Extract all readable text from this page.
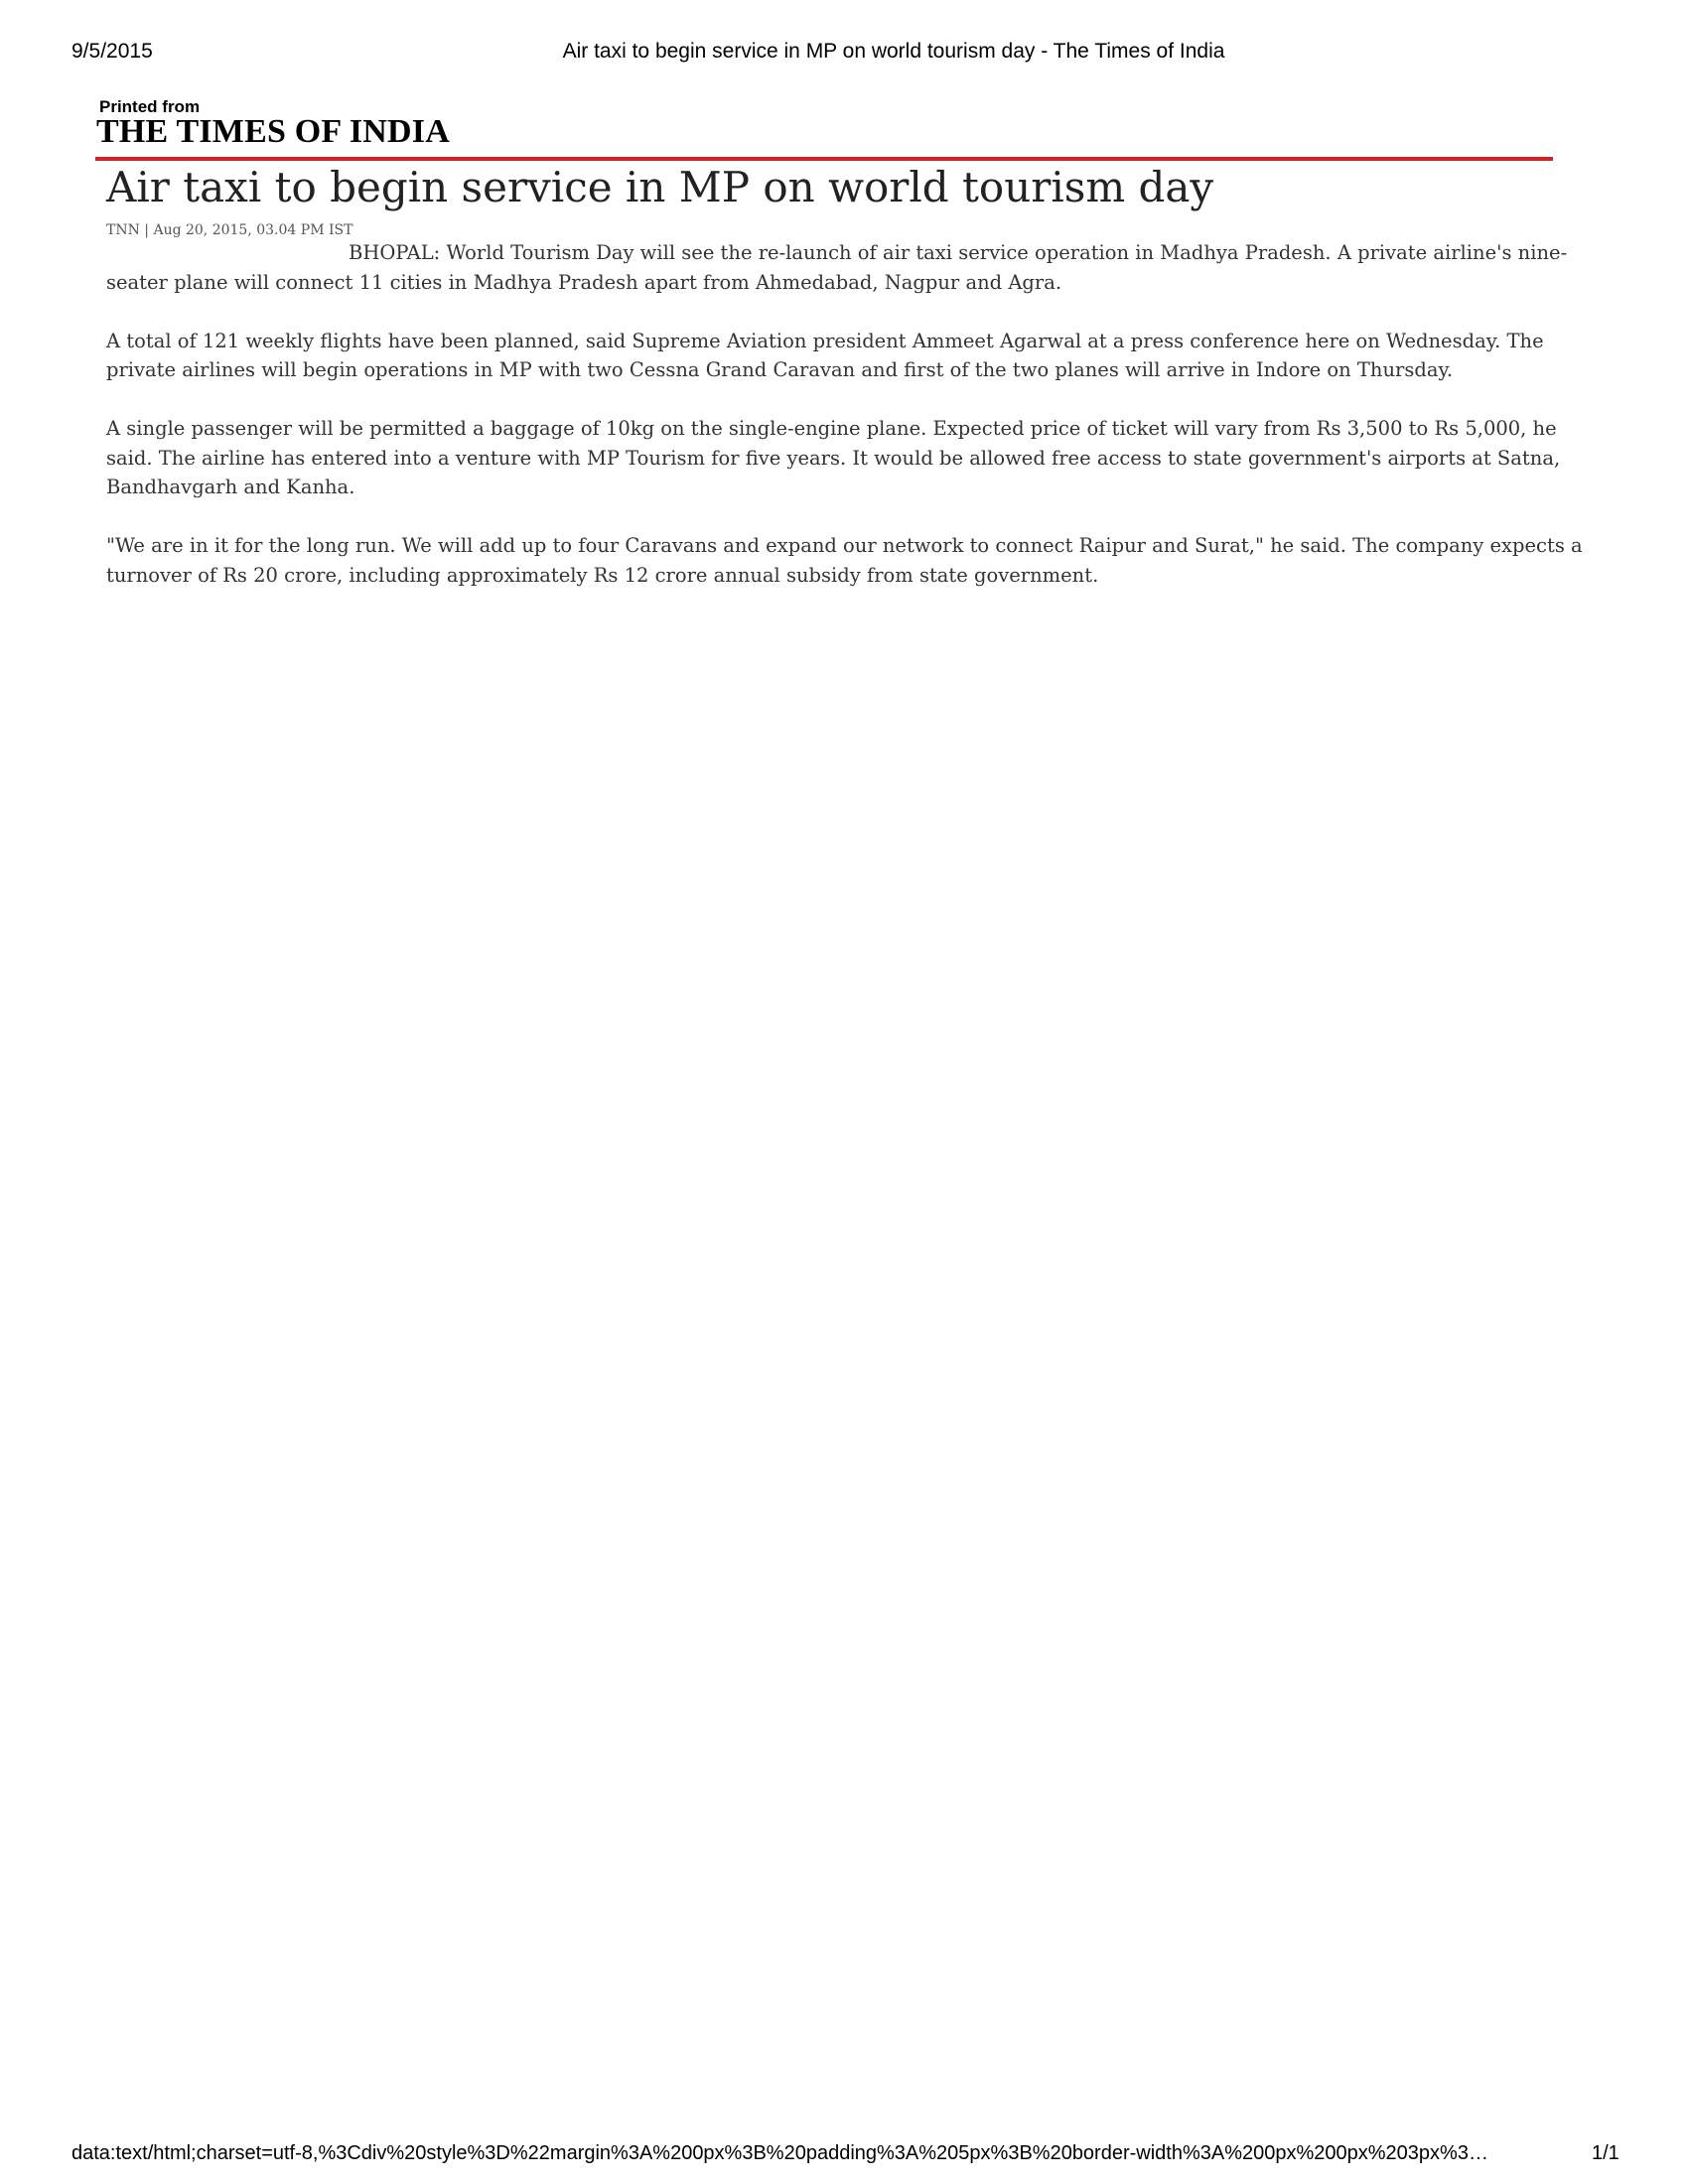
9/5/2015	Air taxi to begin service in MP on world tourism day - The Times of India
Printed from
THE TIMES OF INDIA
Air taxi to begin service in MP on world tourism day
TNN | Aug 20, 2015, 03.04 PM IST

BHOPAL: World Tourism Day will see the re-launch of air taxi service operation in Madhya Pradesh. A private airline's nine-seater plane will connect 11 cities in Madhya Pradesh apart from Ahmedabad, Nagpur and Agra.

A total of 121 weekly flights have been planned, said Supreme Aviation president Ammeet Agarwal at a press conference here on Wednesday. The private airlines will begin operations in MP with two Cessna Grand Caravan and first of the two planes will arrive in Indore on Thursday.

A single passenger will be permitted a baggage of 10kg on the single-engine plane. Expected price of ticket will vary from Rs 3,500 to Rs 5,000, he said. The airline has entered into a venture with MP Tourism for five years. It would be allowed free access to state government's airports at Satna, Bandhavgarh and Kanha.

"We are in it for the long run. We will add up to four Caravans and expand our network to connect Raipur and Surat," he said. The company expects a turnover of Rs 20 crore, including approximately Rs 12 crore annual subsidy from state government.

data:text/html;charset=utf-8,%3Cdiv%20style%3D%22margin%3A%200px%3B%20padding%3A%205px%3B%20border-width%3A%200px%200px%203px%3…	1/1
